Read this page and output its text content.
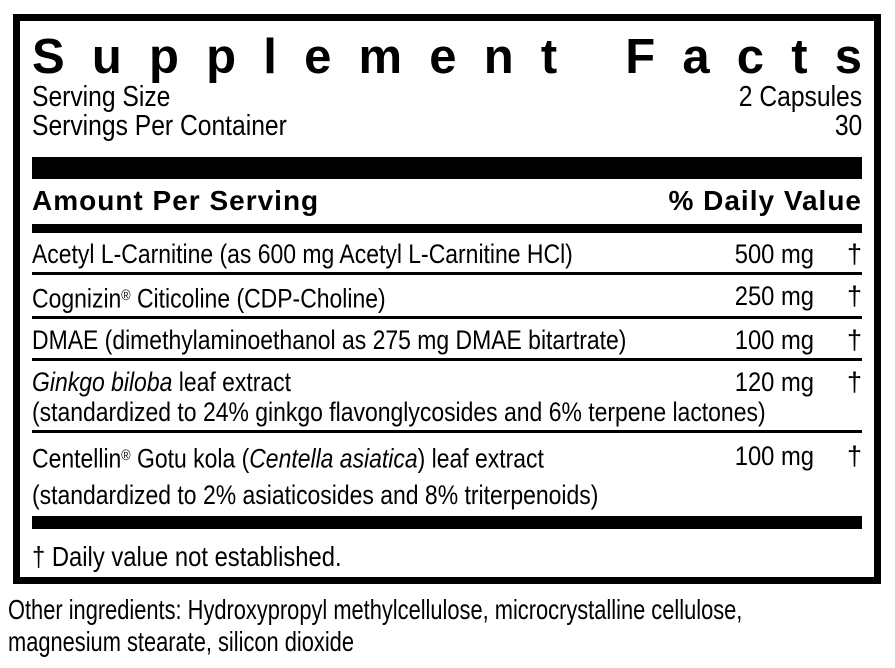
S u p p l e m e n t
F a c t s
Serving Size	2 Capsules
Servings Per Container	30
Amount Per Serving	% Daily Value
Acetyl L-Carnitine (as 600 mg Acetyl L-Carnitine HCl)	500 mg	†
Cognizin® Citicoline (CDP-Choline)	250 mg	†
DMAE (dimethylaminoethanol as 275 mg DMAE bitartrate)	100 mg	†
Ginkgo biloba leaf extract	120 mg	†
(standardized to 24% ginkgo flavonglycosides and 6% terpene lactones)
Centellin® Gotu kola (Centella asiatica) leaf extract	100 mg	†
(standardized to 2% asiaticosides and 8% triterpenoids)
† Daily value not established.
Other ingredients: Hydroxypropyl methylcellulose, microcrystalline cellulose,
magnesium stearate, silicon dioxide
